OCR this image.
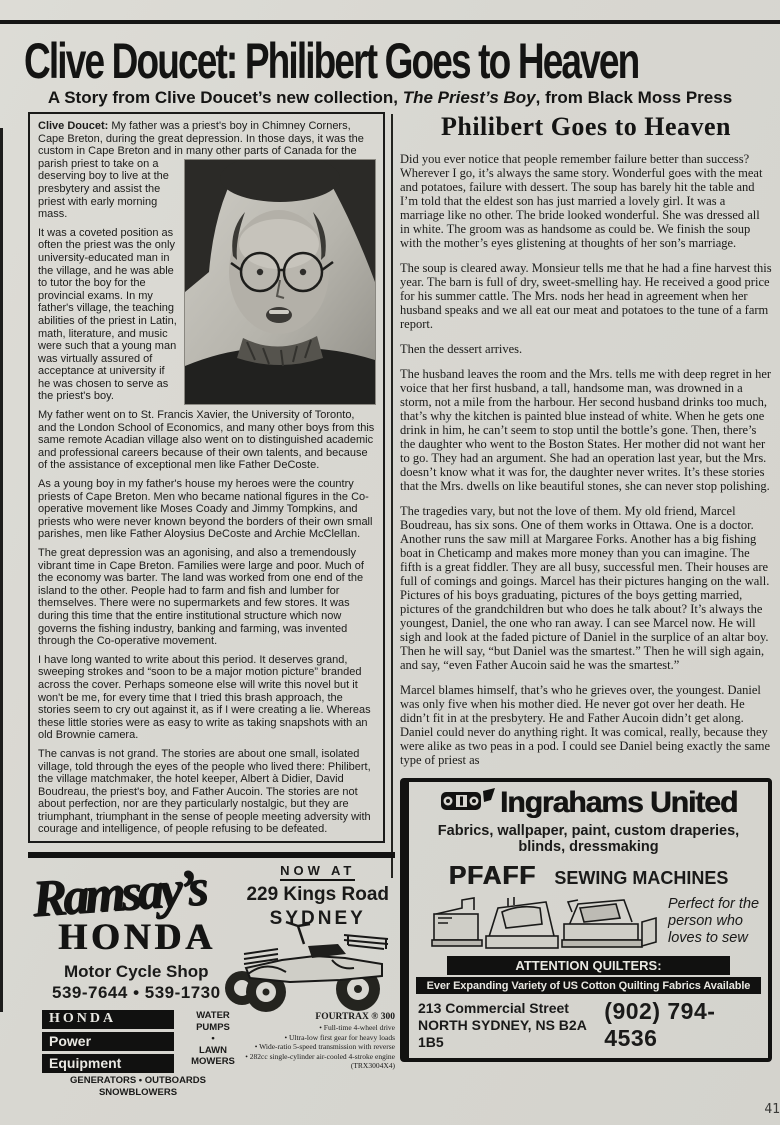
Clive Doucet: Philibert Goes to Heaven
A Story from Clive Doucet’s new collection, The Priest’s Boy, from Black Moss Press

Clive Doucet: My father was a priest's boy in Chimney Corners, Cape Breton, during the great depression. In those days, it was the custom in Cape Breton and in many other parts of Canada for the
parish priest to take on a deserving boy to live at the presbytery and assist the priest with early morning mass.

It was a coveted position as often the priest was the only university-educated man in the village, and he was able to tutor the boy for the provincial exams. In my father's village, the teaching abilities of the priest in Latin, math, literature, and music were such that a young man was virtually assured of acceptance at university if he was chosen to serve as the priest's boy.

My father went on to St. Francis Xavier, the University of Toronto, and the London School of Economics, and many other boys from this same remote Acadian village also went on to distinguished academic and professional careers because of their own talents, and because of the assistance of exceptional men like Father DeCoste.

As a young boy in my father's house my heroes were the country priests of Cape Breton. Men who became national figures in the Co-operative movement like Moses Coady and Jimmy Tompkins, and priests who were never known beyond the borders of their own small parishes, men like Father Aloysius DeCoste and Archie McClellan.

The great depression was an agonising, and also a tremendously vibrant time in Cape Breton. Families were large and poor. Much of the economy was barter. The land was worked from one end of the island to the other. People had to farm and fish and lumber for themselves. There were no supermarkets and few stores. It was during this time that the entire institutional structure which now governs the fishing industry, banking and farming, was invented through the Co-operative movement.

I have long wanted to write about this period. It deserves grand, sweeping strokes and “soon to be a major motion picture” branded across the cover. Perhaps someone else will write this novel but it won't be me, for every time that I tried this brash approach, the stories seem to cry out against it, as if I were creating a lie. Whereas these little stories were as easy to write as taking snapshots with an old Brownie camera.

The canvas is not grand. The stories are about one small, isolated village, told through the eyes of the people who lived there: Philibert, the village matchmaker, the hotel keeper, Albert à Didier, David Boudreau, the priest's boy, and Father Aucoin. The stories are not about perfection, nor are they particularly nostalgic, but they are triumphant, triumphant in the sense of people meeting adversity with courage and intelligence, of people refusing to be defeated.

Ramsay’s
HONDA
NOW AT
229 Kings Road
SYDNEY
Motor Cycle Shop
539-7644 • 539-1730
HONDA
Power
Equipment
WATER
PUMPS
•
LAWN
MOWERS
GENERATORS • OUTBOARDS
SNOWBLOWERS
FOURTRAX ® 300
• Full-time 4-wheel drive
• Ultra-low first gear for heavy loads
• Wide-ratio 5-speed transmission with reverse
• 282cc single-cylinder air-cooled 4-stroke engine (TRX3004X4)
Philibert Goes to Heaven

Did you ever notice that people remember failure better than success? Wherever I go, it’s always the same story. Wonderful goes with the meat and potatoes, failure with dessert. The soup has barely hit the table and I’m told that the eldest son has just married a lovely girl. It was a marriage like no other. The bride looked wonderful. She was dressed all in white. The groom was as handsome as could be. We finish the soup with the mother’s eyes glistening at thoughts of her son’s marriage.

The soup is cleared away. Monsieur tells me that he had a fine harvest this year. The barn is full of dry, sweet-smelling hay. He received a good price for his summer cattle. The Mrs. nods her head in agreement when her husband speaks and we all eat our meat and potatoes to the tune of a farm report.

Then the dessert arrives.

The husband leaves the room and the Mrs. tells me with deep regret in her voice that her first husband, a tall, handsome man, was drowned in a storm, not a mile from the harbour. Her second husband drinks too much, that’s why the kitchen is painted blue instead of white. When he gets one drink in him, he can’t seem to stop until the bottle’s gone. Then, there’s the daughter who went to the Boston States. Her mother did not want her to go. They had an argument. She had an operation last year, but the Mrs. doesn’t know what it was for, the daughter never writes. It’s these stories that the Mrs. dwells on like beautiful stones, she can never stop polishing.

The tragedies vary, but not the love of them. My old friend, Marcel Boudreau, has six sons. One of them works in Ottawa. One is a doctor. Another runs the saw mill at Margaree Forks. Another has a big fishing boat in Cheticamp and makes more money than you can imagine. The fifth is a great fiddler. They are all busy, successful men. Their houses are full of comings and goings. Marcel has their pictures hanging on the wall. Pictures of his boys graduating, pictures of the boys getting married, pictures of the grandchildren but who does he talk about? It’s always the youngest, Daniel, the one who ran away. I can see Marcel now. He will sigh and look at the faded picture of Daniel in the surplice of an altar boy. Then he will say, “but Daniel was the smartest.” Then he will sigh again, and say, “even Father Aucoin said he was the smartest.”

Marcel blames himself, that’s who he grieves over, the youngest. Daniel was only five when his mother died. He never got over her death. He didn’t fit in at the presbytery. He and Father Aucoin didn’t get along. Daniel could never do anything right. It was comical, really, because they were alike as two peas in a pod. I could see Daniel being exactly the same type of priest as

Ingrahams United
Fabrics, wallpaper, paint, custom draperies,
blinds, dressmaking
PFAFF SEWING MACHINES
Perfect for the person who loves to sew
ATTENTION QUILTERS:
Ever Expanding Variety of US Cotton Quilting Fabrics Available
213 Commercial Street
NORTH SYDNEY, NS B2A 1B5
(902) 794-4536
41
